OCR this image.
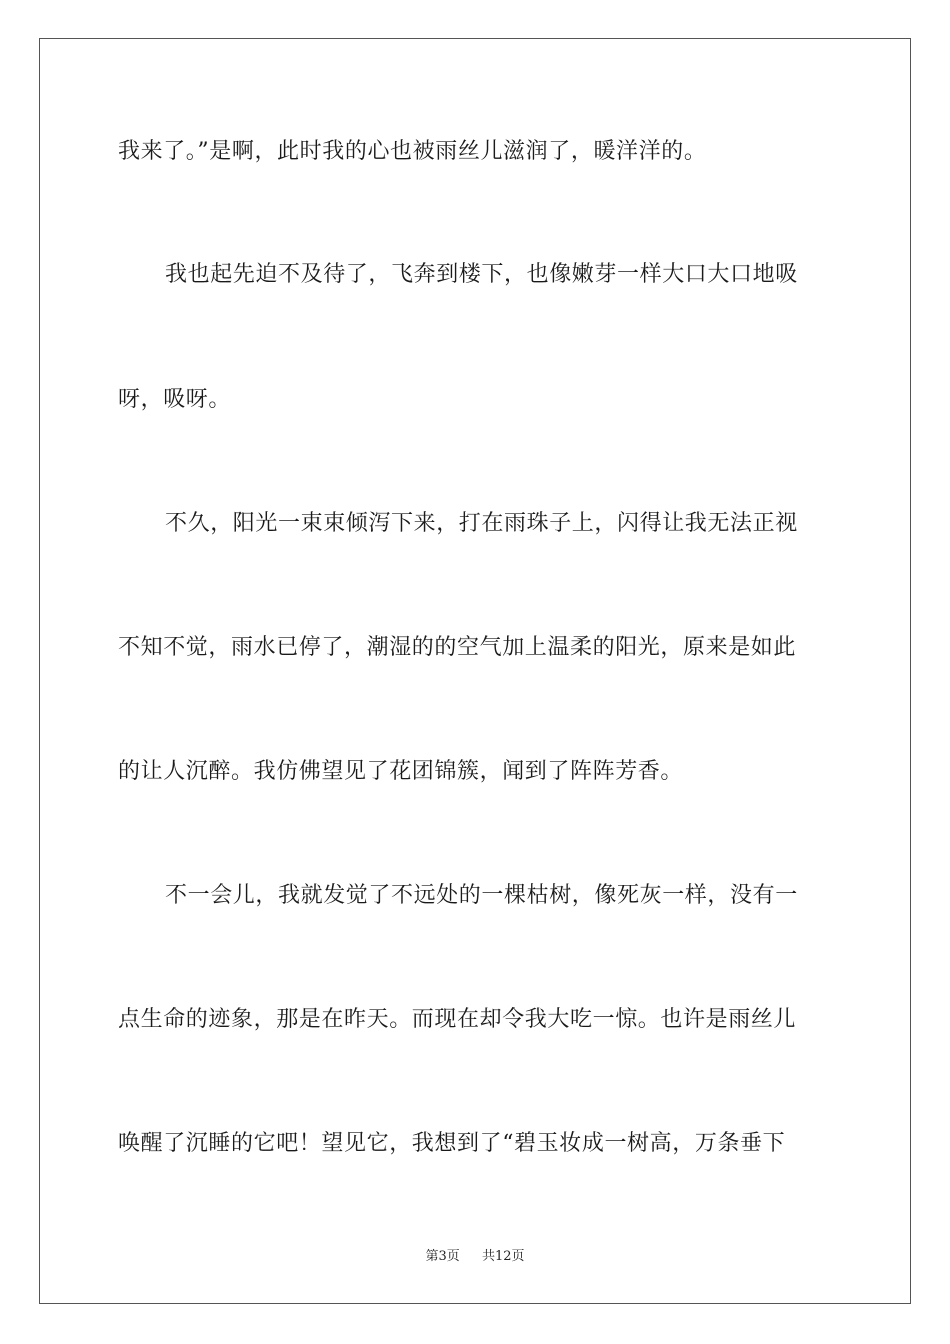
我来了。”是啊，此时我的心也被雨丝儿滋润了，暖洋洋的。
我也起先迫不及待了，飞奔到楼下，也像嫩芽一样大口大口地吸
呀，吸呀。
不久，阳光一束束倾泻下来，打在雨珠子上，闪得让我无法正视
不知不觉，雨水已停了，潮湿的的空气加上温柔的阳光，原来是如此
的让人沉醉。我仿佛望见了花团锦簇，闻到了阵阵芳香。
不一会儿，我就发觉了不远处的一棵枯树，像死灰一样，没有一
点生命的迹象，那是在昨天。而现在却令我大吃一惊。也许是雨丝儿
唤醒了沉睡的它吧！望见它，我想到了“碧玉妆成一树高，万条垂下
第3页 共12页
